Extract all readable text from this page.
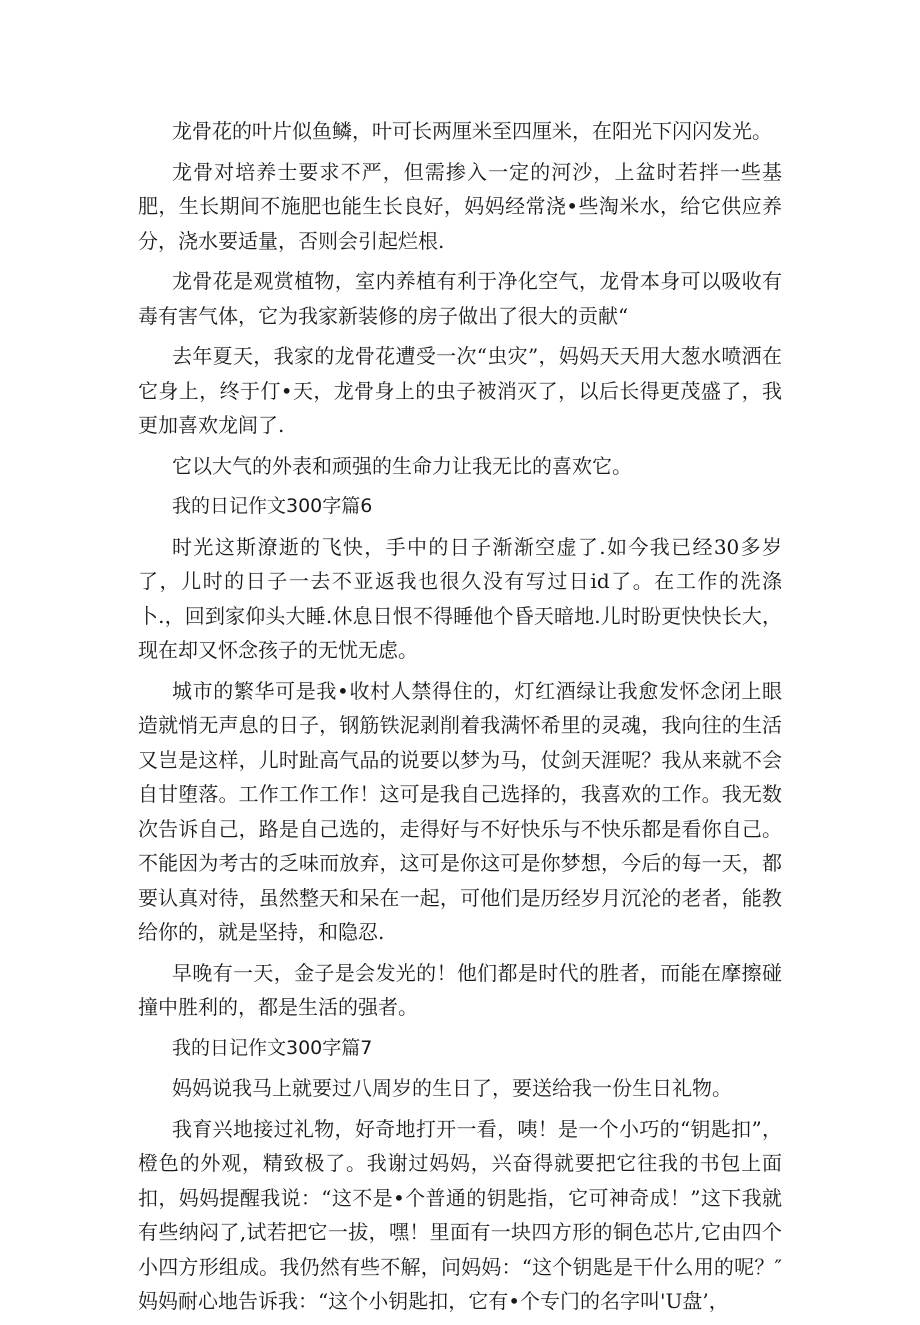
龙骨花的叶片似鱼鳞，叶可长两厘米至四厘米，在阳光下闪闪发光。

龙骨对培养士要求不严，但需掺入一定的河沙，上盆时若拌一些基肥，生长期间不施肥也能生长良好，妈妈经常浇•些淘米水，给它供应养分，浇水要适量，否则会引起烂根.

龙骨花是观赏植物，室内养植有利于净化空气，龙骨本身可以吸收有毒有害气体，它为我家新装修的房子做出了很大的贡献“

去年夏天，我家的龙骨花遭受一次“虫灾”，妈妈天天用大葱水喷洒在它身上，终于仃•天，龙骨身上的虫子被消灭了，以后长得更茂盛了，我更加喜欢龙闾了.

它以大气的外表和顽强的生命力让我无比的喜欢它。

我的日记作文300字篇6

时光这斯潦逝的飞快，手中的日子渐渐空虚了.如今我已经30多岁了，儿时的日子一去不亚返我也很久没有写过日id了。在工作的洗涤卜.，回到家仰头大睡.休息日恨不得睡他个昏天暗地.儿时盼更快快长大，现在却又怀念孩子的无忧无虑。

城市的繁华可是我•收村人禁得住的，灯红酒绿让我愈发怀念闭上眼造就悄无声息的日子，钢筋铁泥剥削着我满怀希里的灵魂，我向往的生活又岂是这样，儿时趾高气品的说要以梦为马，仗剑天涯呢？我从来就不会自甘堕落。工作工作工作！这可是我自己选择的，我喜欢的工作。我无数次告诉自己，路是自己选的，走得好与不好快乐与不快乐都是看你自己。不能因为考古的乏味而放弃，这可是你这可是你梦想，今后的每一天，都要认真对待，虽然整天和呆在一起，可他们是历经岁月沉沦的老者，能教给你的，就是坚持，和隐忍.

早晚有一天，金子是会发光的！他们都是时代的胜者，而能在摩擦碰撞中胜利的，都是生活的强者。

我的日记作文300字篇7

妈妈说我马上就要过八周岁的生日了，要送给我一份生日礼物。

我育兴地接过礼物，好奇地打开一看，咦！是一个小巧的“钥匙扣”，橙色的外观，精致极了。我谢过妈妈，兴奋得就要把它往我的书包上面扣，妈妈提醒我说：“这不是•个普通的钥匙指，它可神奇成！”这下我就有些纳闷了,试若把它一拔，嘿！里面有一块四方形的铜色芯片,它由四个小四方形组成。我仍然有些不解，问妈妈：“这个钥匙是干什么用的呢？″妈妈耐心地告诉我：“这个小钥匙扣，它有•个专门的名字叫'U盘’，
